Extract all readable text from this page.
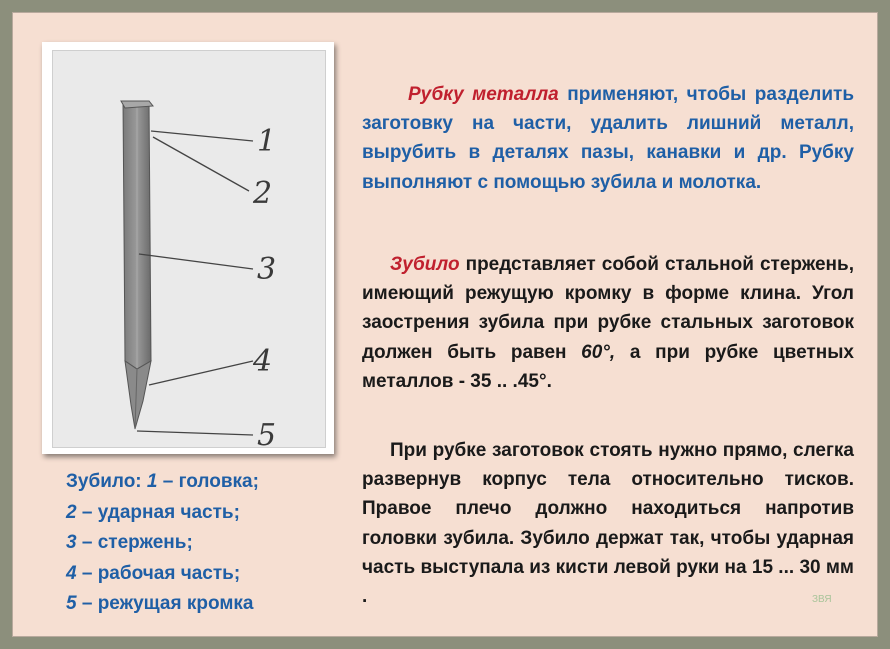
1
2
3
4
5
Зубило: 1 – головка;
2 – ударная часть;
3 – стержень;
4 – рабочая часть;
5 – режущая кромка
Рубку металла применяют, чтобы разделить заготовку на части, удалить лишний металл, вырубить в деталях пазы, канавки и др. Рубку выполняют с помощью зубила и молотка.
Зубило представляет собой стальной стержень, имеющий режущую кромку в форме клина. Угол заострения зубила при рубке стальных заготовок должен быть равен 60°, а при рубке цветных металлов - 35 .. .45°.
При рубке заготовок стоять нужно прямо, слегка развернув корпус тела относительно тисков. Правое плечо должно находиться напротив головки зубила. Зубило держат так, чтобы ударная часть выступала из кисти левой руки на 15 ... 30 мм .	ЗВЯ
